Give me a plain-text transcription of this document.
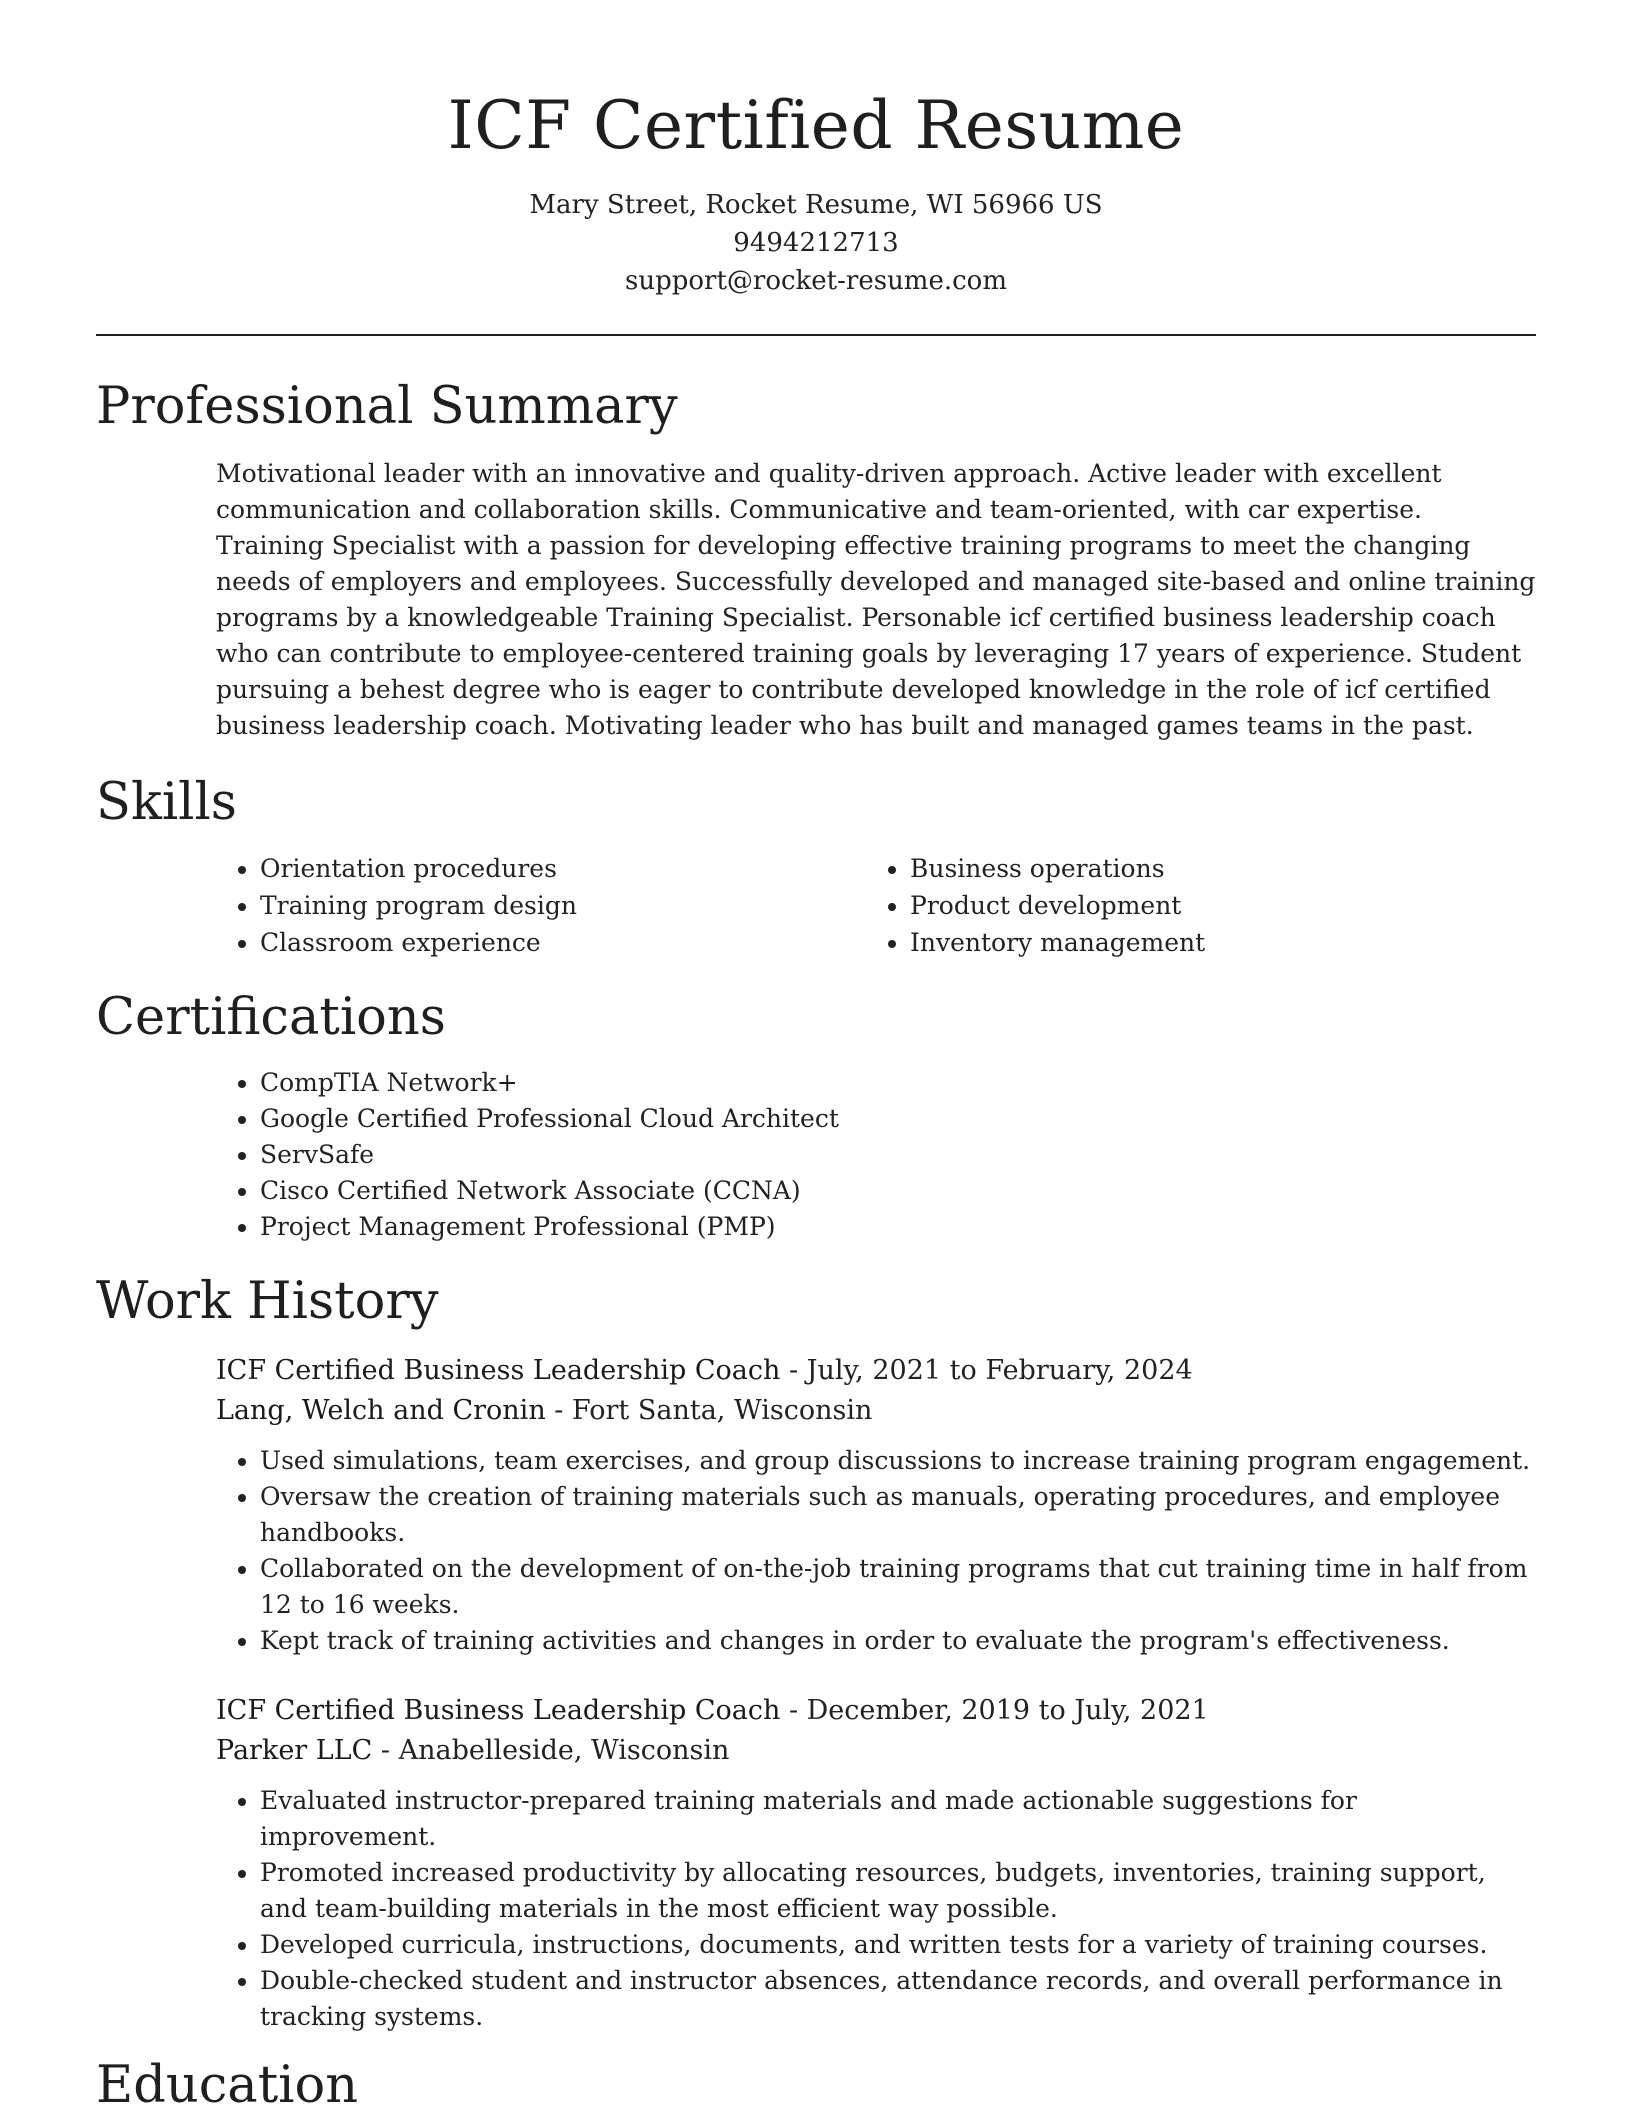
ICF Certified Resume

Mary Street, Rocket Resume, WI 56966 US

9494212713

support@rocket-resume.com

Professional Summary

Motivational leader with an innovative and quality-driven approach. Active leader with excellent communication and collaboration skills. Communicative and team-oriented, with car expertise. Training Specialist with a passion for developing effective training programs to meet the changing needs of employers and employees. Successfully developed and managed site-based and online training programs by a knowledgeable Training Specialist. Personable icf certified business leadership coach who can contribute to employee-centered training goals by leveraging 17 years of experience. Student pursuing a behest degree who is eager to contribute developed knowledge in the role of icf certified business leadership coach. Motivating leader who has built and managed games teams in the past.

Skills
• Orientation procedures
• Training program design
• Classroom experience
• Business operations
• Product development
• Inventory management
Certifications
• CompTIA Network+
• Google Certified Professional Cloud Architect
• ServSafe
• Cisco Certified Network Associate (CCNA)
• Project Management Professional (PMP)
Work History

ICF Certified Business Leadership Coach - July, 2021 to February, 2024

Lang, Welch and Cronin - Fort Santa, Wisconsin

• Used simulations, team exercises, and group discussions to increase training program engagement.
• Oversaw the creation of training materials such as manuals, operating procedures, and employee handbooks.
• Collaborated on the development of on-the-job training programs that cut training time in half from 12 to 16 weeks.
• Kept track of training activities and changes in order to evaluate the program's effectiveness.

ICF Certified Business Leadership Coach - December, 2019 to July, 2021

Parker LLC - Anabelleside, Wisconsin

• Evaluated instructor-prepared training materials and made actionable suggestions for improvement.
• Promoted increased productivity by allocating resources, budgets, inventories, training support, and team-building materials in the most efficient way possible.
• Developed curricula, instructions, documents, and written tests for a variety of training courses.
• Double-checked student and instructor absences, attendance records, and overall performance in tracking systems.
Education
